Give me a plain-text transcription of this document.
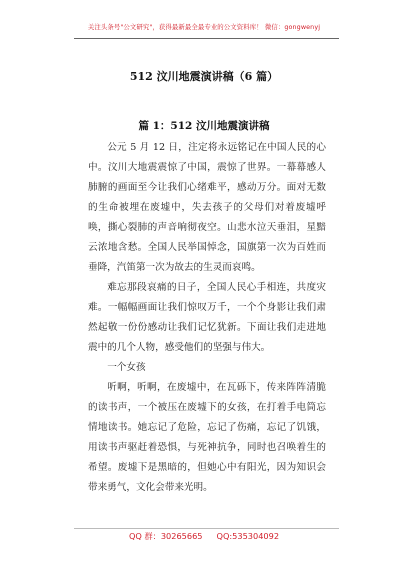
关注头条号"公文研究"，获得最新最全最专业的公文资料库！ 微信：gongwenyj
512 汶川地震演讲稿（6 篇）
篇 1：512 汶川地震演讲稿

公元 5 月 12 日，注定将永远铭记在中国人民的心中。汶川大地震震惊了中国，震惊了世界。一幕幕感人肺腑的画面至今让我们心绪难平，感动万分。面对无数的生命被埋在废墟中，失去孩子的父母们对着废墟呼唤，撕心裂肺的声音响彻夜空。山悲水泣天垂泪，星黯云浓地含愁。全国人民举国悼念，国旗第一次为百姓而垂降，汽笛第一次为故去的生灵而哀鸣。

难忘那段哀痛的日子，全国人民心手相连，共度灾难。一幅幅画面让我们惊叹万千，一个个身影让我们肃然起敬一份份感动让我们记忆犹新。下面让我们走进地震中的几个人物，感受他们的坚强与伟大。

一个女孩

听啊，听啊，在废墟中，在瓦砾下，传来阵阵清脆的读书声，一个被压在废墟下的女孩，在打着手电筒忘情地读书。她忘记了危险，忘记了伤痛，忘记了饥饿，用读书声驱赶着恐惧，与死神抗争，同时也召唤着生的希望。废墟下是黑暗的，但她心中有阳光，因为知识会带来勇气，文化会带来光明。

QQ 群：30265665 QQ:535304092
